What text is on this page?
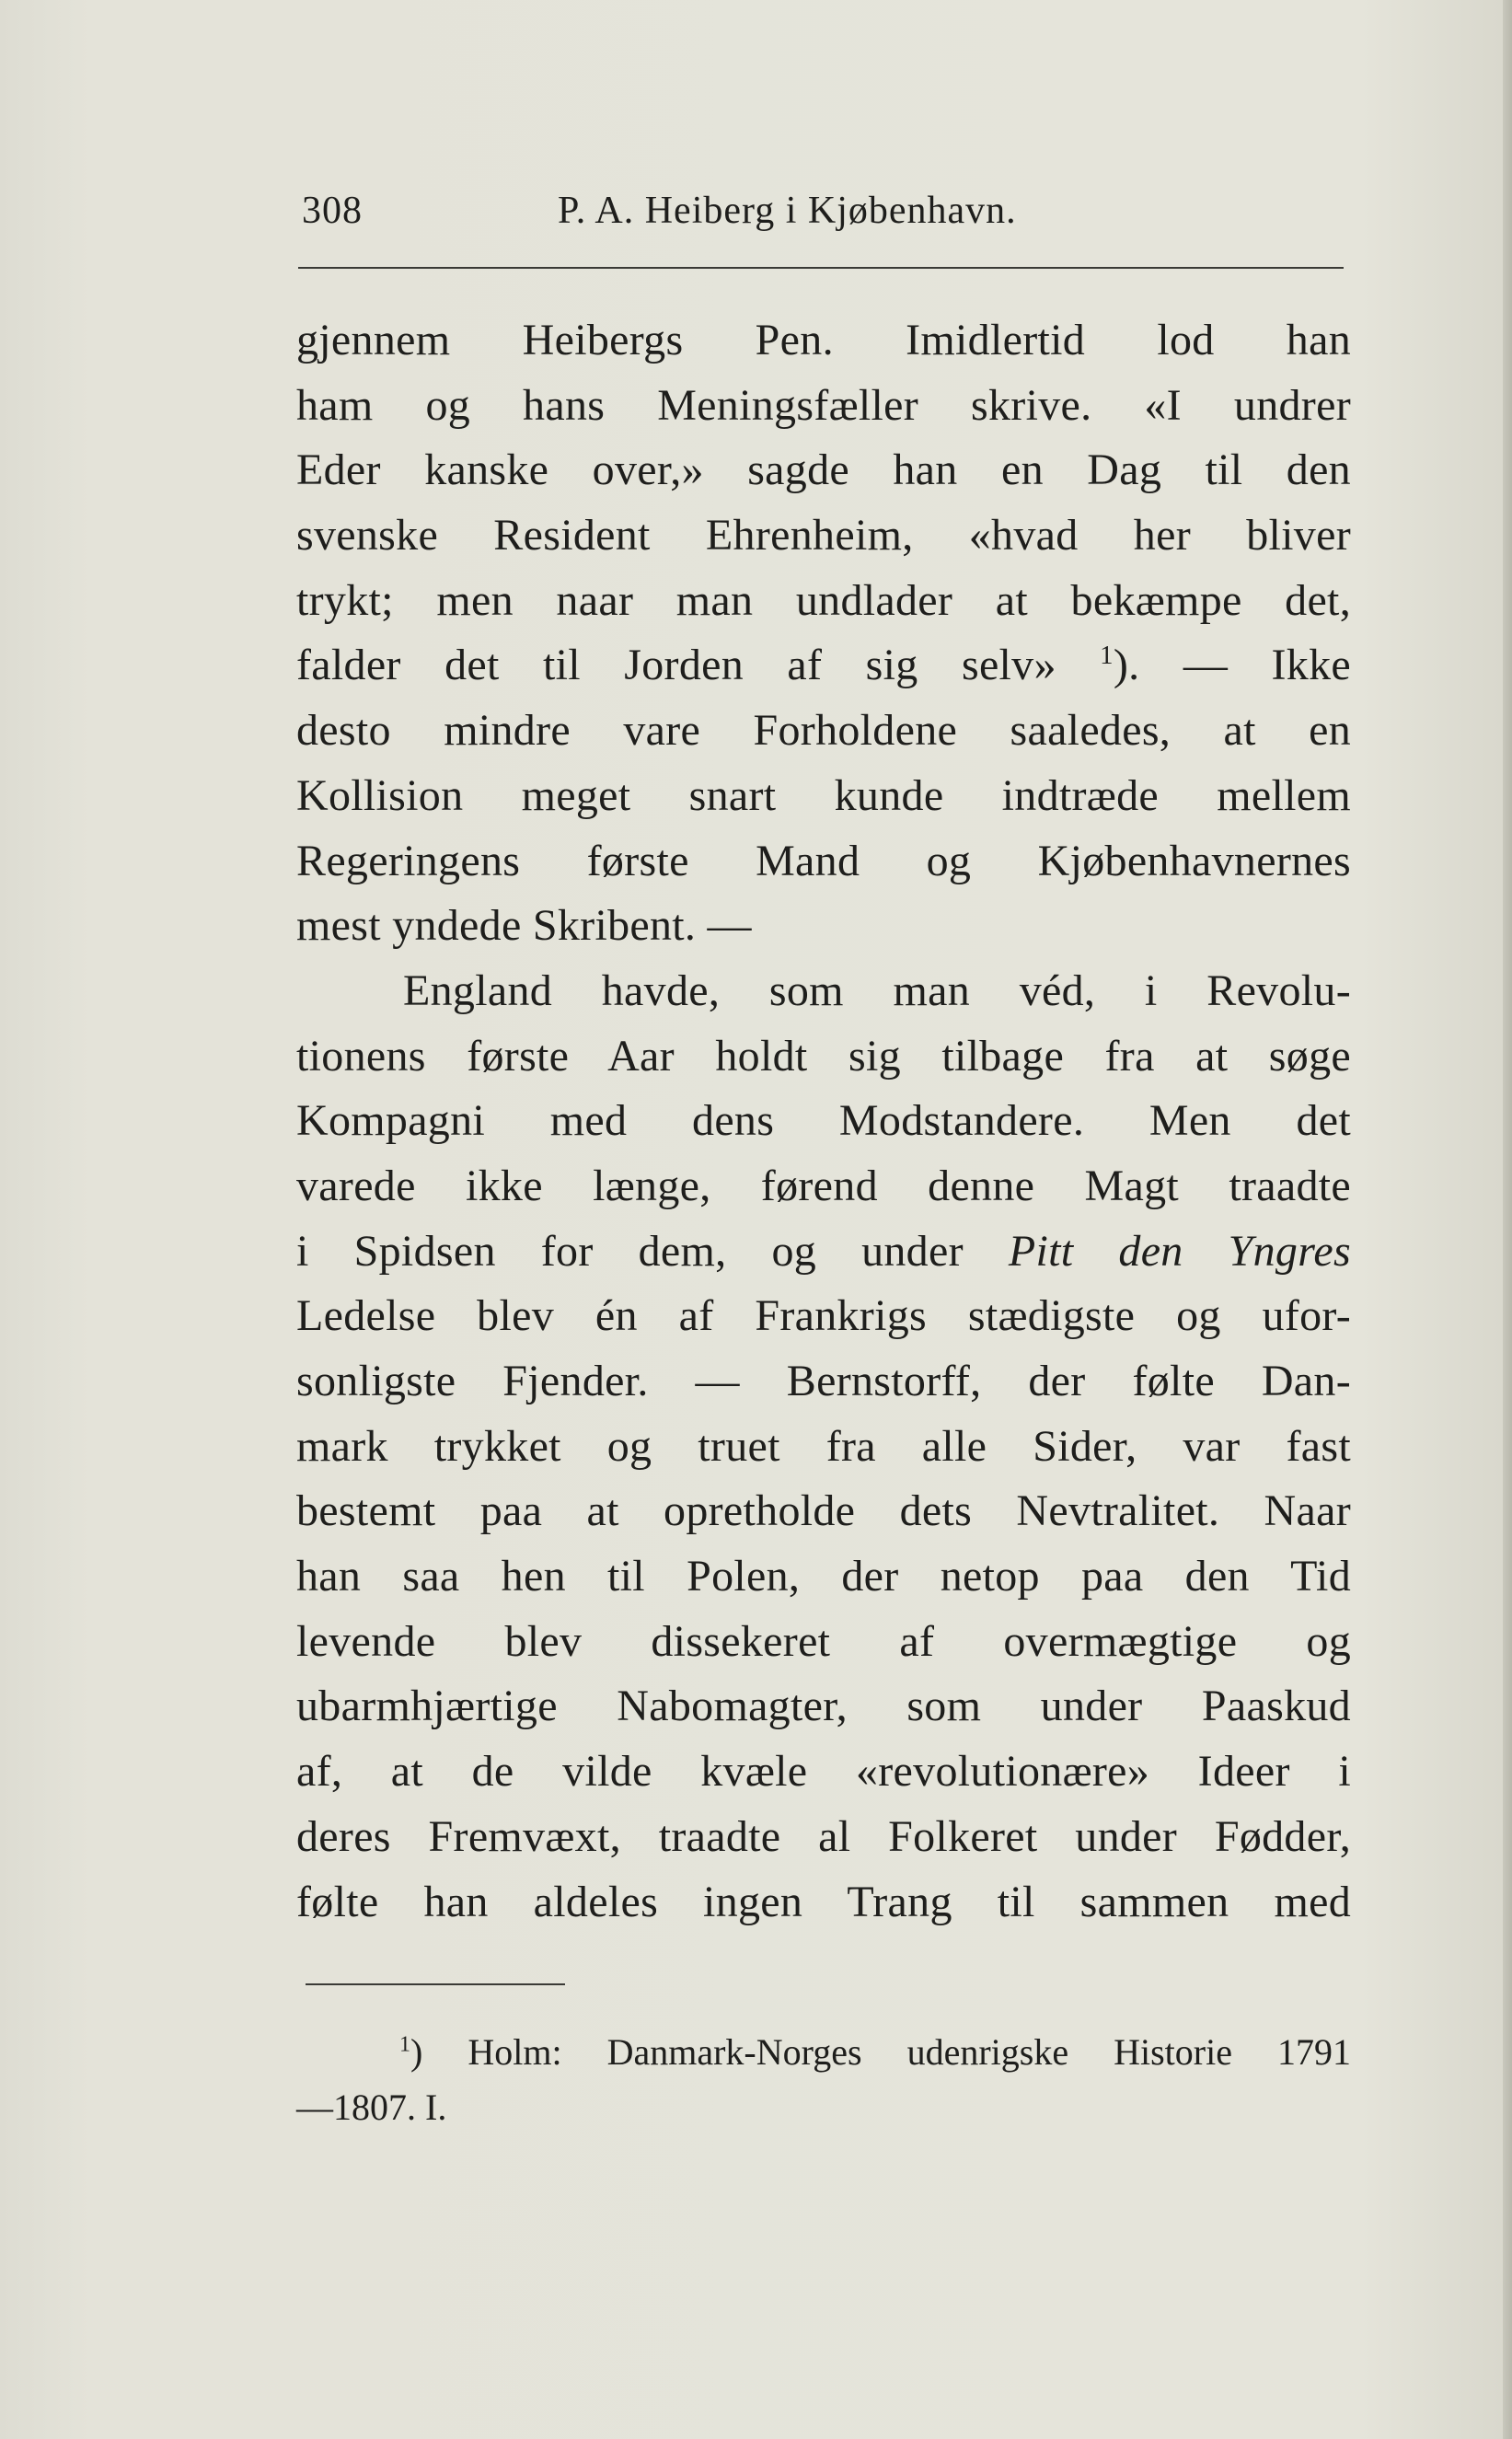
308	P. A. Heiberg i Kjøbenhavn.
gjennem Heibergs Pen. Imidlertid lod han
ham og hans Meningsfæller skrive. «I undrer
Eder kanske over,» sagde han en Dag til den
svenske Resident Ehrenheim, «hvad her bliver
trykt; men naar man undlader at bekæmpe det,
falder det til Jorden af sig selv» $^1$). — Ikke
desto mindre vare Forholdene saaledes, at en
Kollision meget snart kunde indtræde mellem
Regeringens første Mand og Kjøbenhavnernes
mest yndede Skribent. —
England havde, som man véd, i Revolu-
tionens første Aar holdt sig tilbage fra at søge
Kompagni med dens Modstandere. Men det
varede ikke længe, førend denne Magt traadte
i Spidsen for dem, og under Pitt den Yngres
Ledelse blev én af Frankrigs stædigste og ufor-
sonligste Fjender. — Bernstorff, der følte Dan-
mark trykket og truet fra alle Sider, var fast
bestemt paa at opretholde dets Nevtralitet. Naar
han saa hen til Polen, der netop paa den Tid
levende blev dissekeret af overmægtige og
ubarmhjærtige Nabomagter, som under Paaskud
af, at de vilde kvæle «revolutionære» Ideer i
deres Fremvæxt, traadte al Folkeret under Fødder,
følte han aldeles ingen Trang til sammen med
$^1$) Holm: Danmark-Norges udenrigske Historie 1791
—1807. I.
